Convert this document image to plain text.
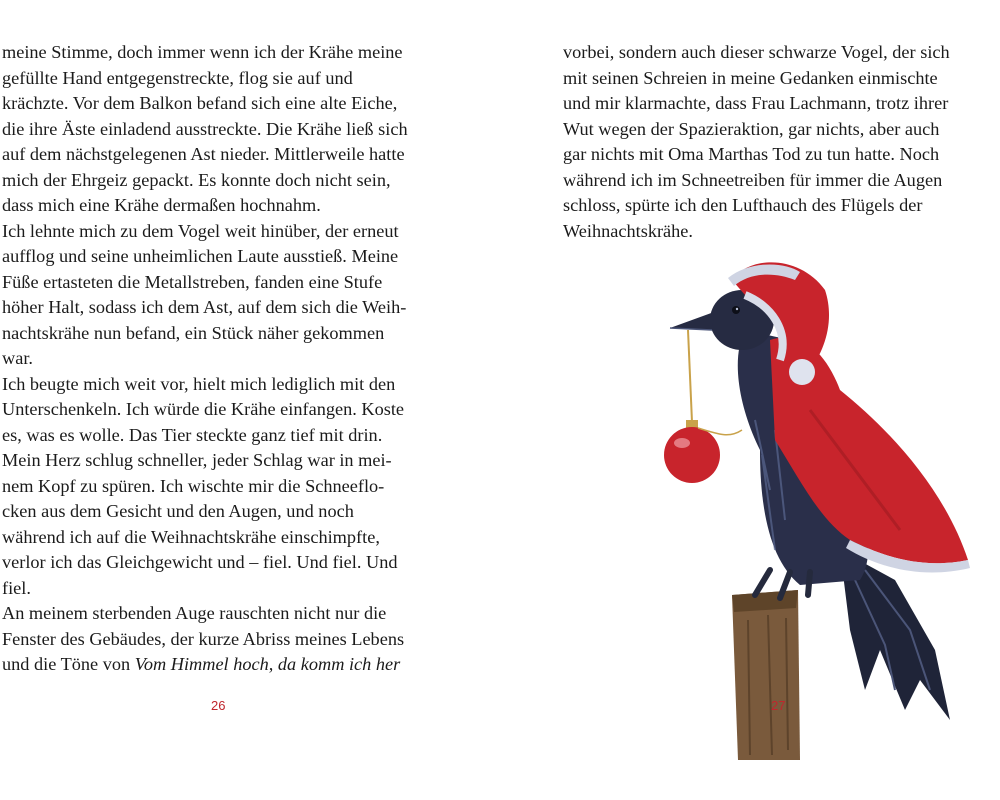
meine Stimme, doch immer wenn ich der Krähe meine

gefüllte Hand entgegenstreckte, flog sie auf und

krächzte. Vor dem Balkon befand sich eine alte Eiche,

die ihre Äste einladend ausstreckte. Die Krähe ließ sich

auf dem nächstgelegenen Ast nieder. Mittlerweile hatte

mich der Ehrgeiz gepackt. Es konnte doch nicht sein,

dass mich eine Krähe dermaßen hochnahm.

Ich lehnte mich zu dem Vogel weit hinüber, der erneut

aufflog und seine unheimlichen Laute ausstieß. Meine

Füße ertasteten die Metallstreben, fanden eine Stufe

höher Halt, sodass ich dem Ast, auf dem sich die Weih-

nachtskrähe nun befand, ein Stück näher gekommen

war.

Ich beugte mich weit vor, hielt mich lediglich mit den

Unterschenkeln. Ich würde die Krähe einfangen. Koste

es, was es wolle. Das Tier steckte ganz tief mit drin.

Mein Herz schlug schneller, jeder Schlag war in mei-

nem Kopf zu spüren. Ich wischte mir die Schneeflo-

cken aus dem Gesicht und den Augen, und noch

während ich auf die Weihnachtskrähe einschimpfte,

verlor ich das Gleichgewicht und – fiel. Und fiel. Und

fiel.

An meinem sterbenden Auge rauschten nicht nur die

Fenster des Gebäudes, der kurze Abriss meines Lebens

und die Töne von Vom Himmel hoch, da komm ich her

26

vorbei, sondern auch dieser schwarze Vogel, der sich

mit seinen Schreien in meine Gedanken einmischte

und mir klarmachte, dass Frau Lachmann, trotz ihrer

Wut wegen der Spazieraktion, gar nichts, aber auch

gar nichts mit Oma Marthas Tod zu tun hatte. Noch

während ich im Schneetreiben für immer die Augen

schloss, spürte ich den Lufthauch des Flügels der

Weihnachtskrähe.

27
